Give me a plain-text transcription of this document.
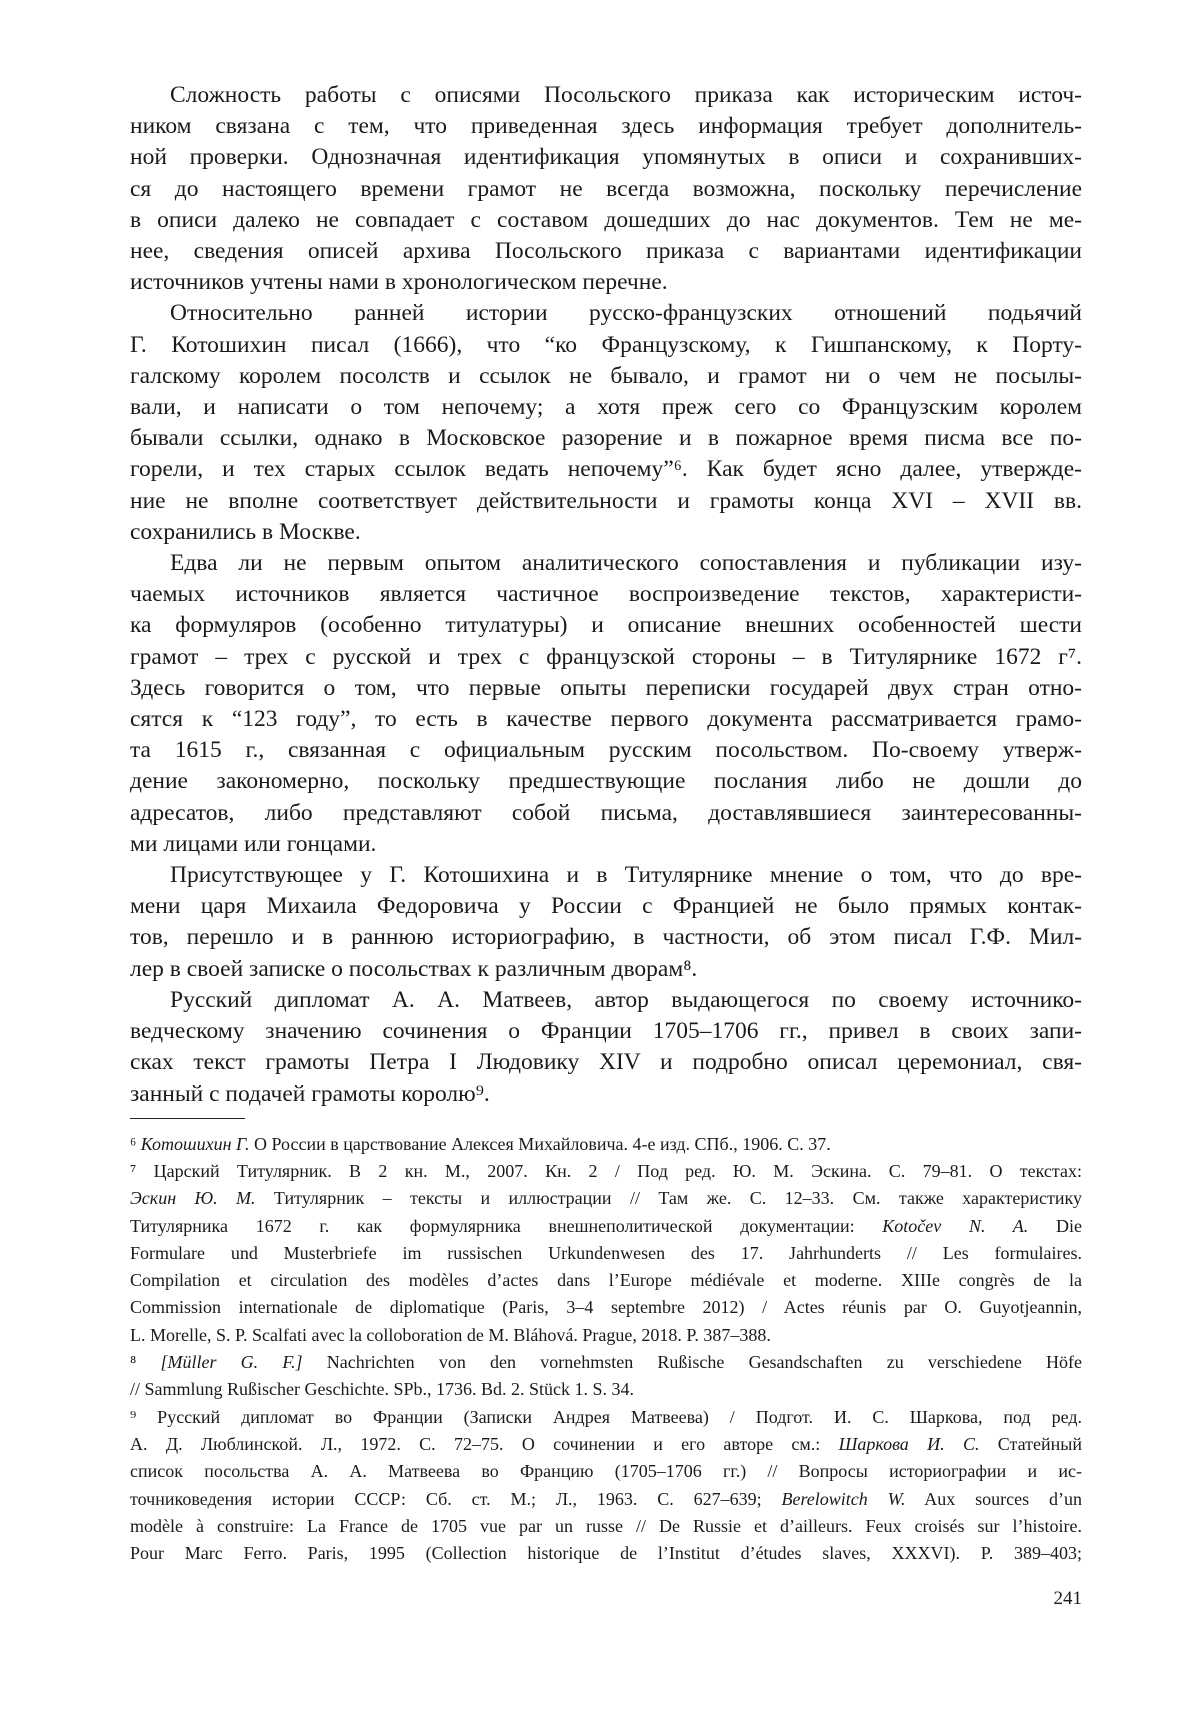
Сложность работы с описями Посольского приказа как историческим источ-
ником связана с тем, что приведенная здесь информация требует дополнитель-
ной проверки. Однозначная идентификация упомянутых в описи и сохранивших-
ся до настоящего времени грамот не всегда возможна, поскольку перечисление
в описи далеко не совпадает с составом дошедших до нас документов. Тем не ме-
нее, сведения описей архива Посольского приказа с вариантами идентификации
источников учтены нами в хронологическом перечне.
Относительно ранней истории русско-французских отношений подьячий
Г. Котошихин писал (1666), что “ко Французскому, к Гишпанскому, к Порту-
галскому королем посолств и ссылок не бывало, и грамот ни о чем не посылы-
вали, и написати о том непочему; а хотя преж сего со Французским королем
бывали ссылки, однако в Московское разорение и в пожарное время писма все по-
горели, и тех старых ссылок ведать непочему”⁶. Как будет ясно далее, утвержде-
ние не вполне соответствует действительности и грамоты конца XVI – XVII вв.
сохранились в Москве.
Едва ли не первым опытом аналитического сопоставления и публикации изу-
чаемых источников является частичное воспроизведение текстов, характеристи-
ка формуляров (особенно титулатуры) и описание внешних особенностей шести
грамот – трех с русской и трех с французской стороны – в Титулярнике 1672 г⁷.
Здесь говорится о том, что первые опыты переписки государей двух стран отно-
сятся к “123 году”, то есть в качестве первого документа рассматривается грамо-
та 1615 г., связанная с официальным русским посольством. По-своему утверж-
дение закономерно, поскольку предшествующие послания либо не дошли до
адресатов, либо представляют собой письма, доставлявшиеся заинтересованны-
ми лицами или гонцами.
Присутствующее у Г. Котошихина и в Титулярнике мнение о том, что до вре-
мени царя Михаила Федоровича у России с Францией не было прямых контак-
тов, перешло и в раннюю историографию, в частности, об этом писал Г.Ф. Мил-
лер в своей записке о посольствах к различным дворам⁸.
Русский дипломат А. А. Матвеев, автор выдающегося по своему источнико-
ведческому значению сочинения о Франции 1705–1706 гг., привел в своих запи-
сках текст грамоты Петра I Людовику XIV и подробно описал церемониал, свя-
занный с подачей грамоты королю⁹.
⁶ Котошихин Г. О России в царствование Алексея Михайловича. 4-е изд. СПб., 1906. С. 37.
⁷ Царский Титулярник. В 2 кн. М., 2007. Кн. 2 / Под ред. Ю. М. Эскина. С. 79–81. О текстах:
Эскин Ю. М. Титулярник – тексты и иллюстрации // Там же. С. 12–33. См. также характеристику
Титулярника 1672 г. как формулярника внешнеполитической документации: Kotočev N. A. Die
Formulare und Musterbriefe im russischen Urkundenwesen des 17. Jahrhunderts // Les formulaires.
Compilation et circulation des modèles d’actes dans l’Europe médiévale et moderne. XIIIe congrès de la
Commission internationale de diplomatique (Paris, 3–4 septembre 2012) / Actes réunis par O. Guyotjeannin,
L. Morelle, S. P. Scalfati avec la colloboration de M. Bláhová. Prague, 2018. P. 387–388.
⁸ [Müller G. F.] Nachrichten von den vornehmsten Rußische Gesandschaften zu verschiedene Höfe
// Sammlung Rußischer Geschichte. SPb., 1736. Bd. 2. Stück 1. S. 34.
⁹ Русский дипломат во Франции (Записки Андрея Матвеева) / Подгот. И. С. Шаркова, под ред.
А. Д. Люблинской. Л., 1972. С. 72–75. О сочинении и его авторе см.: Шаркова И. С. Статейный
список посольства А. А. Матвеева во Францию (1705–1706 гг.) // Вопросы историографии и ис-
точниковедения истории СССР: Сб. ст. М.; Л., 1963. С. 627–639; Berelowitch W. Aux sources d’un
modèle à construire: La France de 1705 vue par un russe // De Russie et d’ailleurs. Feux croisés sur l’histoire.
Pour Marc Ferro. Paris, 1995 (Collection historique de l’Institut d’études slaves, XXXVI). P. 389–403;
241
